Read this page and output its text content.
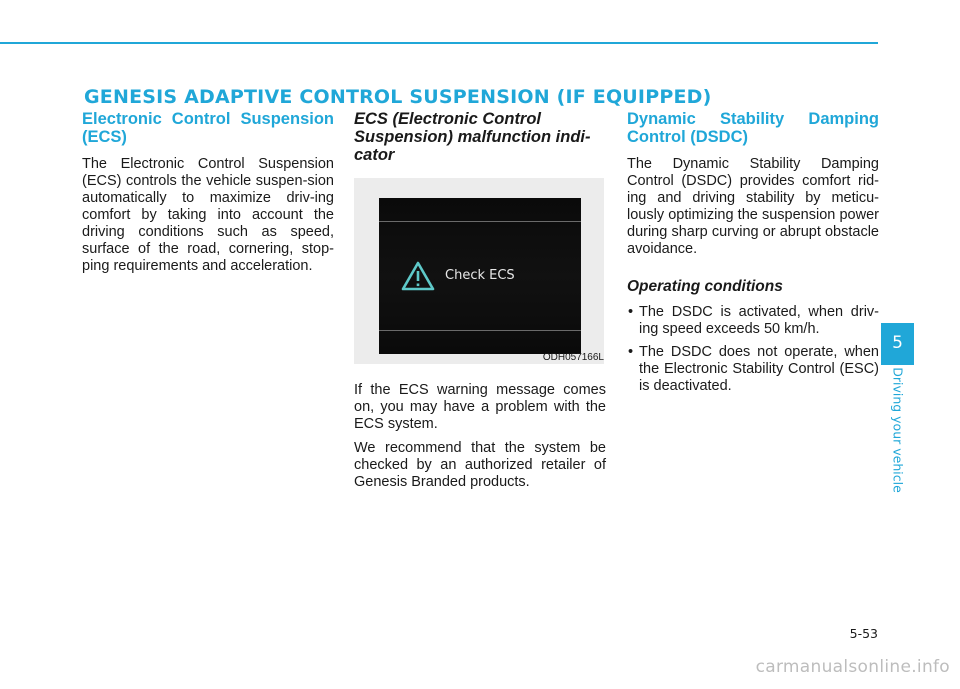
GENESIS ADAPTIVE CONTROL SUSPENSION (IF EQUIPPED)
Electronic Control Suspension (ECS)

The Electronic Control Suspension (ECS) controls the vehicle suspen-sion automatically to maximize driv-ing comfort by taking into account the driving conditions such as speed, surface of the road, cornering, stop-ping requirements and acceleration.

ECS (Electronic Control Suspension) malfunction indi-cator
Check ECS
ODH057166L

If the ECS warning message comes on, you may have a problem with the ECS system.

We recommend that the system be checked by an authorized retailer of Genesis Branded products.

Dynamic Stability Damping Control (DSDC)

The Dynamic Stability Damping Control (DSDC) provides comfort rid-ing and driving stability by meticu-lously optimizing the suspension power during sharp curving or abrupt obstacle avoidance.

Operating conditions
• The DSDC is activated, when driv-ing speed exceeds 50 km/h.
• The DSDC does not operate, when the Electronic Stability Control (ESC) is deactivated.
5
Driving your vehicle
5-53
carmanualsonline.info
